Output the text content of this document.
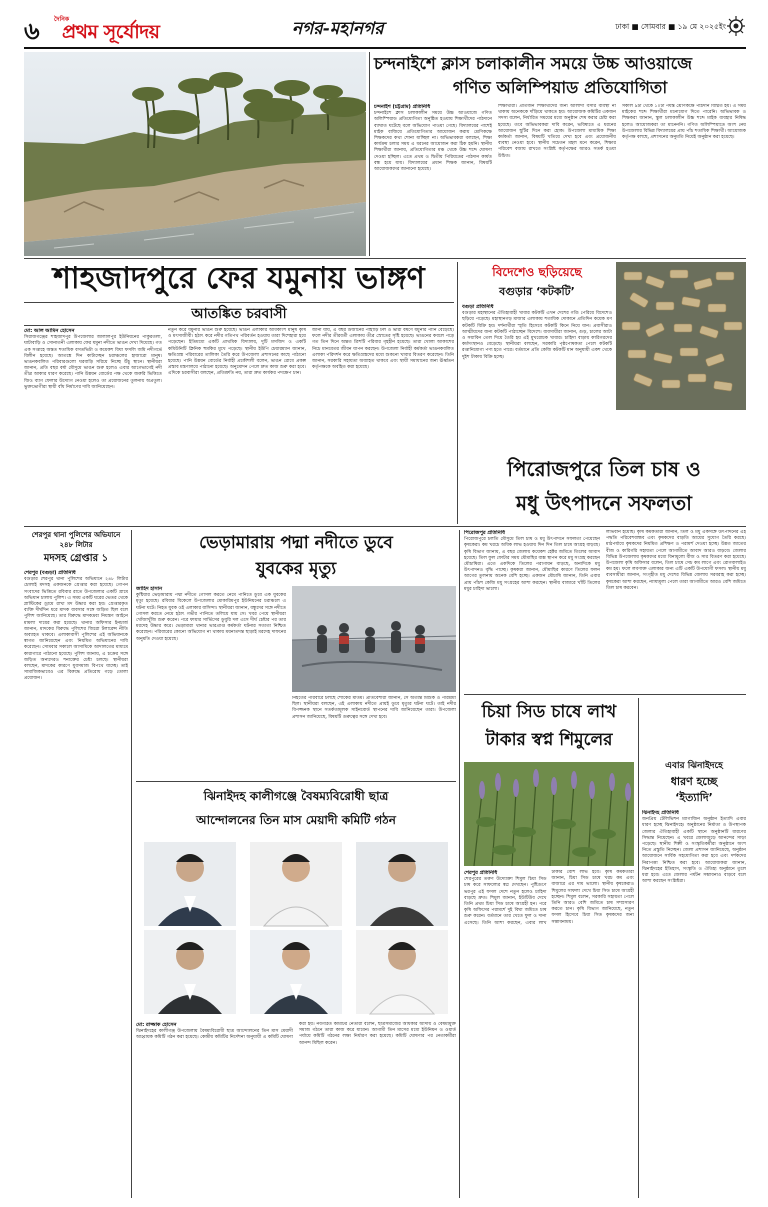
৬	দৈনিক
প্রথম সূর্যোদয়	নগর-মহানগর	ঢাকা ■ সোমবার ■ ১৯ মে ২০২৫ইং
চন্দনাইশে ক্লাস চলাকালীন সময়ে উচ্চ আওয়াজে
গণিত অলিম্পিয়াড প্রতিযোগিতা
চন্দনাইশ (চট্টগ্রাম) প্রতিনিধি
চন্দনাইশে ক্লাস চলাকালীন সময়ে উচ্চ আওয়াজে গণিত অলিম্পিয়াড প্রতিযোগিতা অনুষ্ঠিত হওয়ায় শিক্ষার্থীদের পাঠদানে ব্যাঘাত ঘটেছে বলে অভিযোগ পাওয়া গেছে। বিদ্যালয়ের পাশেই মাইক বাজিয়ে প্রতিযোগিতার আয়োজন করায় শ্রেণিকক্ষে শিক্ষকদের কথা শোনা যাচ্ছিল না। অভিভাবকরা বলছেন, শিক্ষা কার্যক্রম চলার সময় এ ধরনের আয়োজন করা ঠিক হয়নি। স্থানীয় শিক্ষার্থীরা জানায়, প্রতিযোগিতার মঞ্চ থেকে উচ্চ শব্দে ঘোষণা দেওয়া হচ্ছিল। এতে প্রথম ও দ্বিতীয় পিরিয়ডের পাঠদান কার্যত বন্ধ হয়ে যায়। বিদ্যালয়ের প্রধান শিক্ষক জানান, বিষয়টি আয়োজকদের জানানো হয়েছে।
শিক্ষার্থীরা। প্রতিজন শিক্ষার্থীদের জন্য আলাদা বসার ব্যবস্থা না থাকায় অনেককে দাঁড়িয়ে থাকতে হয়। আয়োজক কমিটির একজন সদস্য বলেন, নির্ধারিত সময়ের মধ্যে অনুষ্ঠান শেষ করার চেষ্টা করা হয়েছে। তবে অভিভাবকরা দাবি করেন, ভবিষ্যতে এ ধরনের আয়োজন ছুটির দিনে করা হোক। উপজেলা মাধ্যমিক শিক্ষা কর্মকর্তা জানান, বিষয়টি খতিয়ে দেখা হবে এবং প্রয়োজনীয় ব্যবস্থা নেওয়া হবে। স্থানীয় সচেতন মহল মনে করেন, শিক্ষার পরিবেশ বজায় রাখতে সংশ্লিষ্ট কর্তৃপক্ষের আরও সতর্ক হওয়া উচিত।
সকাল ৯টা থেকে ১০টা পর্যন্ত শ্রেণিকক্ষে পাঠদান বিঘ্নিত হয়। এ সময় মাইকের শব্দে শিক্ষার্থীরা মনোযোগ দিতে পারেনি। অভিভাবক ও শিক্ষকরা জানান, স্কুল চলাকালীন উচ্চ শব্দে মাইক ব্যবহার নিষিদ্ধ হলেও আয়োজকরা তা মানেননি। গণিত অলিম্পিয়াডে অংশ নেয় উপজেলার বিভিন্ন বিদ্যালয়ের প্রায় পাঁচ শতাধিক শিক্ষার্থী। আয়োজক কর্তৃপক্ষ বলছে, প্রশাসনের অনুমতি নিয়েই অনুষ্ঠান করা হয়েছে।
শাহজাদপুরে ফের যমুনায় ভাঙ্গণ
আতঙ্কিত চরবাসী
মো: আল আমিন হোসেন
সিরাজগঞ্জের শাহজাদপুর উপজেলার জালালপুর ইউনিয়নের পাকুরতলা, ঘাটাবাড়ি ও সোনাতনী এলাকায় ফের যমুনা নদীতে ভাঙন দেখা দিয়েছে। গত এক সপ্তাহে অন্তত শতাধিক বসতভিটা ও কয়েকশ বিঘা ফসলি জমি নদীগর্ভে বিলীন হয়েছে। আতঙ্কে দিন কাটাচ্ছেন চরাঞ্চলের হাজারো মানুষ। ভাঙনকবলিত পরিবারগুলো ঘরবাড়ি সরিয়ে নিচ্ছে উঁচু স্থানে। স্থানীয়রা জানান, প্রতি বছর বর্ষা মৌসুমে ভাঙন শুরু হলেও এবার আগেভাগেই নদী তীব্র আকার ধারণ করেছে। পানি উন্নয়ন বোর্ডের পক্ষ থেকে জরুরি ভিত্তিতে জিও ব্যাগ ফেলার উদ্যোগ নেওয়া হলেও তা প্রয়োজনের তুলনায় অপ্রতুল। ভুক্তভোগীরা স্থায়ী বাঁধ নির্মাণের দাবি জানিয়েছেন।
নতুন করে যমুনার ভাঙন শুরু হয়েছে। ভাঙন এলাকার অধিকাংশ মানুষ কৃষি ও মৎস্যজীবী। হঠাৎ করে নদীর গতিপথ পরিবর্তন হওয়ায় তারা দিশেহারা হয়ে পড়েছেন। ইতিমধ্যে একটি প্রাথমিক বিদ্যালয়, দুটি মসজিদ ও একটি কমিউনিটি ক্লিনিক হুমকির মুখে পড়েছে। স্থানীয় ইউপি চেয়ারম্যান জানান, ক্ষতিগ্রস্ত পরিবারের তালিকা তৈরি করে উপজেলা প্রশাসনের কাছে পাঠানো হয়েছে। পানি উন্নয়ন বোর্ডের নির্বাহী প্রকৌশলী বলেন, ভাঙন রোধে প্রকল্প প্রস্তাব মন্ত্রণালয়ে পাঠানো হয়েছে। অনুমোদন পেলে দ্রুত কাজ শুরু করা হবে। এদিকে চরবাসীরা বলছেন, প্রতিশ্রুতি নয়, তারা দ্রুত কার্যকর পদক্ষেপ চান।
জানা যায়, এ বছর উজানের পাহাড়ি ঢল ও ভারী বর্ষণে যমুনার পানি বেড়েছে। ফলে নদীর তীরবর্তী এলাকায় তীব্র স্রোতের সৃষ্টি হয়েছে। ভাঙনের কবলে পড়ে গত তিন দিনে অন্তত ত্রিশটি পরিবার গৃহহীন হয়েছে। তারা খোলা আকাশের নিচে মানবেতর জীবন যাপন করছেন। উপজেলা নির্বাহী কর্মকর্তা ভাঙনকবলিত এলাকা পরিদর্শন করে ক্ষতিগ্রস্তদের মধ্যে শুকনো খাবার বিতরণ করেছেন। তিনি জানান, সরকারি সহায়তা অব্যাহত থাকবে এবং স্থায়ী সমাধানের জন্য ঊর্ধ্বতন কর্তৃপক্ষকে অবহিত করা হয়েছে।
বিদেশেও ছড়িয়েছে
বগুড়ার ‘কটকটি’
বগুড়া প্রতিনিধি
বগুড়ার মহাস্থানের ঐতিহ্যবাহী খাবার কটকটি এখন দেশের গণ্ডি পেরিয়ে বিদেশেও ছড়িয়ে পড়েছে। মহাস্থানগড় মাজার এলাকায় শতাধিক দোকানে প্রতিদিন কয়েক মণ কটকটি বিক্রি হয়। দর্শনার্থীরা স্মৃতি হিসেবে কটকটি কিনে নিয়ে যান। প্রবাসীরাও আত্মীয়দের জন্য কটকটি পাঠাচ্ছেন বিদেশে। ব্যবসায়ীরা জানান, গুড়, চালের আটা ও সয়াবিন তেল দিয়ে তৈরি হয় এই মুখরোচক খাবার। চাহিদা বাড়ায় কারিগরদের কর্মসংস্থানও বেড়েছে। স্থানীয়রা বলছেন, সরকারি পৃষ্ঠপোষকতা পেলে কটকটি রপ্তানিযোগ্য পণ্য হতে পারে। বর্তমানে প্রতি কেজি কটকটি মান অনুযায়ী একশ থেকে দুইশ টাকায় বিক্রি হচ্ছে।
পিরোজপুরে তিল চাষ ও
মধু উৎপাদনে সফলতা
শেরপুর থানা পুলিশের অভিযানে ২৪৮ লিটার
মদসহ গ্রেপ্তার ১
শেরপুর (বগুড়া) প্রতিনিধি
বগুড়ার শেরপুর থানা পুলিশের অভিযানে ২৪৮ লিটার চোলাই মদসহ একজনকে গ্রেপ্তার করা হয়েছে। গোপন সংবাদের ভিত্তিতে রবিবার রাতে উপজেলার একটি গ্রামে অভিযান চালায় পুলিশ। এ সময় একটি ঘরের ভেতর থেকে প্লাস্টিকের ড্রামে রাখা মদ উদ্ধার করা হয়। গ্রেপ্তারকৃত ব্যক্তি দীর্ঘদিন ধরে মাদক ব্যবসার সঙ্গে জড়িত ছিল বলে পুলিশ জানিয়েছে। তার বিরুদ্ধে মাদকদ্রব্য নিয়ন্ত্রণ আইনে মামলা দায়ের করা হয়েছে। থানার অফিসার ইনচার্জ জানান, মাদকের বিরুদ্ধে পুলিশের জিরো টলারেন্স নীতি অব্যাহত থাকবে। এলাকাবাসী পুলিশের এই অভিযানকে স্বাগত জানিয়েছেন এবং নিয়মিত অভিযানের দাবি করেছেন। সোমবার সকালে আসামিকে আদালতের মাধ্যমে কারাগারে পাঠানো হয়েছে। পুলিশ জানায়, এ চক্রের সঙ্গে জড়িত অন্যদেরও শনাক্তের চেষ্টা চলছে। স্থানীয়রা বলছেন, মাদকের কারণে যুবসমাজ বিপথে যাচ্ছে। তাই সামাজিকভাবেও এর বিরুদ্ধে প্রতিরোধ গড়ে তোলা প্রয়োজন।
ভেড়ামারায় পদ্মা নদীতে ডুবে
যুবকের মৃত্যু
জাহিদ হাসান
কুষ্টিয়ার ভেড়ামারায় পদ্মা নদীতে গোসল করতে নেমে পানিতে ডুবে এক যুবকের মৃত্যু হয়েছে। রবিবার বিকেলে উপজেলার মোকারিমপুর ইউনিয়নের চরাঞ্চলে এ ঘটনা ঘটে। নিহত যুবক ওই এলাকার বাসিন্দা। স্থানীয়রা জানান, বন্ধুদের সঙ্গে নদীতে গোসল করতে নেমে হঠাৎ গভীর পানিতে তলিয়ে যায় সে। খবর পেয়ে স্থানীয়রা খোঁজাখুঁজি শুরু করেন। পরে ফায়ার সার্ভিসের ডুবুরি দল এসে দীর্ঘ চেষ্টার পর তার মরদেহ উদ্ধার করে। ভেড়ামারা থানার ভারপ্রাপ্ত কর্মকর্তা ঘটনার সত্যতা নিশ্চিত করেছেন। পরিবারের কোনো অভিযোগ না থাকায় ময়নাতদন্ত ছাড়াই মরদেহ দাফনের অনুমতি দেওয়া হয়েছে।
নিহতের পরিবারে চলছে শোকের মাতম। প্রতিবেশীরা জানান, সে অত্যন্ত মিশুক ও পরিশ্রমী ছিল। স্থানীয়রা বলছেন, এই এলাকায় নদীতে প্রায়ই ডুবে মৃত্যুর ঘটনা ঘটে। তাই নদীর বিপজ্জনক স্থানে সতর্কতামূলক সাইনবোর্ড স্থাপনের দাবি জানিয়েছেন তারা। উপজেলা প্রশাসন জানিয়েছে, বিষয়টি গুরুত্বের সঙ্গে দেখা হবে।
ঝিনাইদহ কালীগঞ্জে বৈষম্যবিরোধী ছাত্র
আন্দোলনের তিন মাস মেয়াদী কমিটি গঠন
মো: রাজ্জাক হোসেন
ঝিনাইদহের কালীগঞ্জ উপজেলায় বৈষম্যবিরোধী ছাত্র আন্দোলনের তিন মাস মেয়াদী আহ্বায়ক কমিটি গঠন করা হয়েছে। কেন্দ্রীয় কমিটির নির্দেশনা অনুযায়ী এ কমিটি ঘোষণা করা হয়। নবগঠিত কমিটির নেতারা বলেন, ছাত্রসমাজের অধিকার আদায় ও বৈষম্যমুক্ত সমাজ গঠনে তারা কাজ করে যাবেন। আগামী তিন মাসের মধ্যে ইউনিয়ন ও ওয়ার্ড পর্যায়ে কমিটি গঠনের লক্ষ্য নির্ধারণ করা হয়েছে। কমিটি ঘোষণার পর নেতাকর্মীরা আনন্দ মিছিল করেন।
পিরোজপুর প্রতিনিধি
পিরোজপুরে চলতি মৌসুমে তিল চাষ ও মধু উৎপাদনে সফলতা পেয়েছেন কৃষকেরা। কম খরচে অধিক লাভ হওয়ায় দিন দিন তিল চাষে আগ্রহ বাড়ছে। কৃষি বিভাগ জানায়, এ বছর জেলায় কয়েকশ হেক্টর জমিতে তিলের আবাদ হয়েছে। তিল ফুল ফোটার সময় মৌমাছির বাক্স স্থাপন করে মধু সংগ্রহ করছেন মৌচাষিরা। এতে একদিকে তিলের পরাগায়ন বাড়ছে, অন্যদিকে মধু উৎপাদনও বৃদ্ধি পাচ্ছে। কৃষকরা জানান, মৌমাছির কারণে তিলের ফলন আগের তুলনায় অনেক বেশি হচ্ছে। একজন মৌচাষি জানান, তিনি এবার প্রায় পাঁচশ কেজি মধু সংগ্রহের আশা করছেন। স্থানীয় বাজারে খাঁটি তিলের মধুর চাহিদা ভালো।
লাভবান হয়েছি। কৃষি কর্মকর্তারা জানান, তিল ও মধু একসঙ্গে উৎপাদনের এই পদ্ধতি পরিবেশবান্ধব এবং কৃষকদের বাড়তি আয়ের সুযোগ তৈরি করছে। মাঠপর্যায়ে কৃষকদের নিয়মিত প্রশিক্ষণ ও পরামর্শ দেওয়া হচ্ছে। উন্নত জাতের বীজ ও কারিগরি সহায়তা পেলে আগামীতে আবাদ আরও বাড়বে। জেলার বিভিন্ন উপজেলায় কৃষকদের মধ্যে বিনামূল্যে বীজ ও সার বিতরণ করা হয়েছে। উপজেলা কৃষি অফিসার বলেন, তিল চাষে সেচ কম লাগে এবং রোগবালাইও কম হয়। ফলে লবণাক্ত এলাকার জন্য এটি একটি উপযোগী ফসল। স্থানীয় মধু ব্যবসায়ীরা জানান, সংগৃহীত মধু দেশের বিভিন্ন জেলায় সরবরাহ করা হচ্ছে। কৃষকেরা আশা করছেন, ন্যায্যমূল্য পেলে তারা আগামীতে আরও বেশি জমিতে তিল চাষ করবেন।
চিয়া সিড চাষে লাখ
টাকার স্বপ্ন শিমুলের
শেরপুর প্রতিনিধি
শেরপুরের তরুণ উদ্যোক্তা শিমুল চিয়া সিড চাষ করে সাফল্যের স্বপ্ন দেখছেন। পুষ্টিগুণে ভরপুর এই ফসল দেশে নতুন হলেও চাহিদা বাড়ছে দ্রুত। শিমুল জানান, ইউটিউব দেখে তিনি প্রথম চিয়া সিড চাষে আগ্রহী হন। পরে কৃষি অফিসের পরামর্শে দুই বিঘা জমিতে চাষ শুরু করেন। বর্তমানে তার খেতে ফুল ও দানা এসেছে। তিনি আশা করছেন, এবার লাখ টাকার বেশি লাভ হবে। কৃষি কর্মকর্তারা জানান, চিয়া সিড চাষে খরচ কম এবং বাজারে এর দাম ভালো। স্থানীয় কৃষকেরাও শিমুলের সাফল্য দেখে চিয়া সিড চাষে আগ্রহী হচ্ছেন। শিমুল বলেন, সরকারি সহায়তা পেলে তিনি আরও বেশি জমিতে চাষ সম্প্রসারণ করতে চান। কৃষি বিভাগ জানিয়েছে, নতুন ফসল হিসেবে চিয়া সিড কৃষকদের জন্য সম্ভাবনাময়।
এবার ঝিনাইদহে
ধারণ হচ্ছে
‘ইত্যাদি’
ঝিনাইদহ প্রতিনিধি
জনপ্রিয় টেলিভিশন ম্যাগাজিন অনুষ্ঠান ইত্যাদি এবার ধারণ হচ্ছে ঝিনাইদহে। অনুষ্ঠানের নির্মাতা ও উপস্থাপক জেলার ঐতিহ্যবাহী একটি স্থানে অনুষ্ঠানটি ধারণের সিদ্ধান্ত নিয়েছেন। এ খবরে জেলাজুড়ে আনন্দের সাড়া পড়েছে। স্থানীয় শিল্পী ও সংস্কৃতিকর্মীরা অনুষ্ঠানে অংশ নিতে প্রস্তুতি নিচ্ছেন। জেলা প্রশাসন জানিয়েছে, অনুষ্ঠান আয়োজনে সার্বিক সহযোগিতা করা হবে এবং দর্শকদের নিরাপত্তা নিশ্চিত করা হবে। আয়োজকরা জানান, ঝিনাইদহের ইতিহাস, সংস্কৃতি ও ঐতিহ্য অনুষ্ঠানে তুলে ধরা হবে। এতে জেলার পর্যটন সম্ভাবনাও বাড়বে বলে আশা করছেন সংশ্লিষ্টরা।
